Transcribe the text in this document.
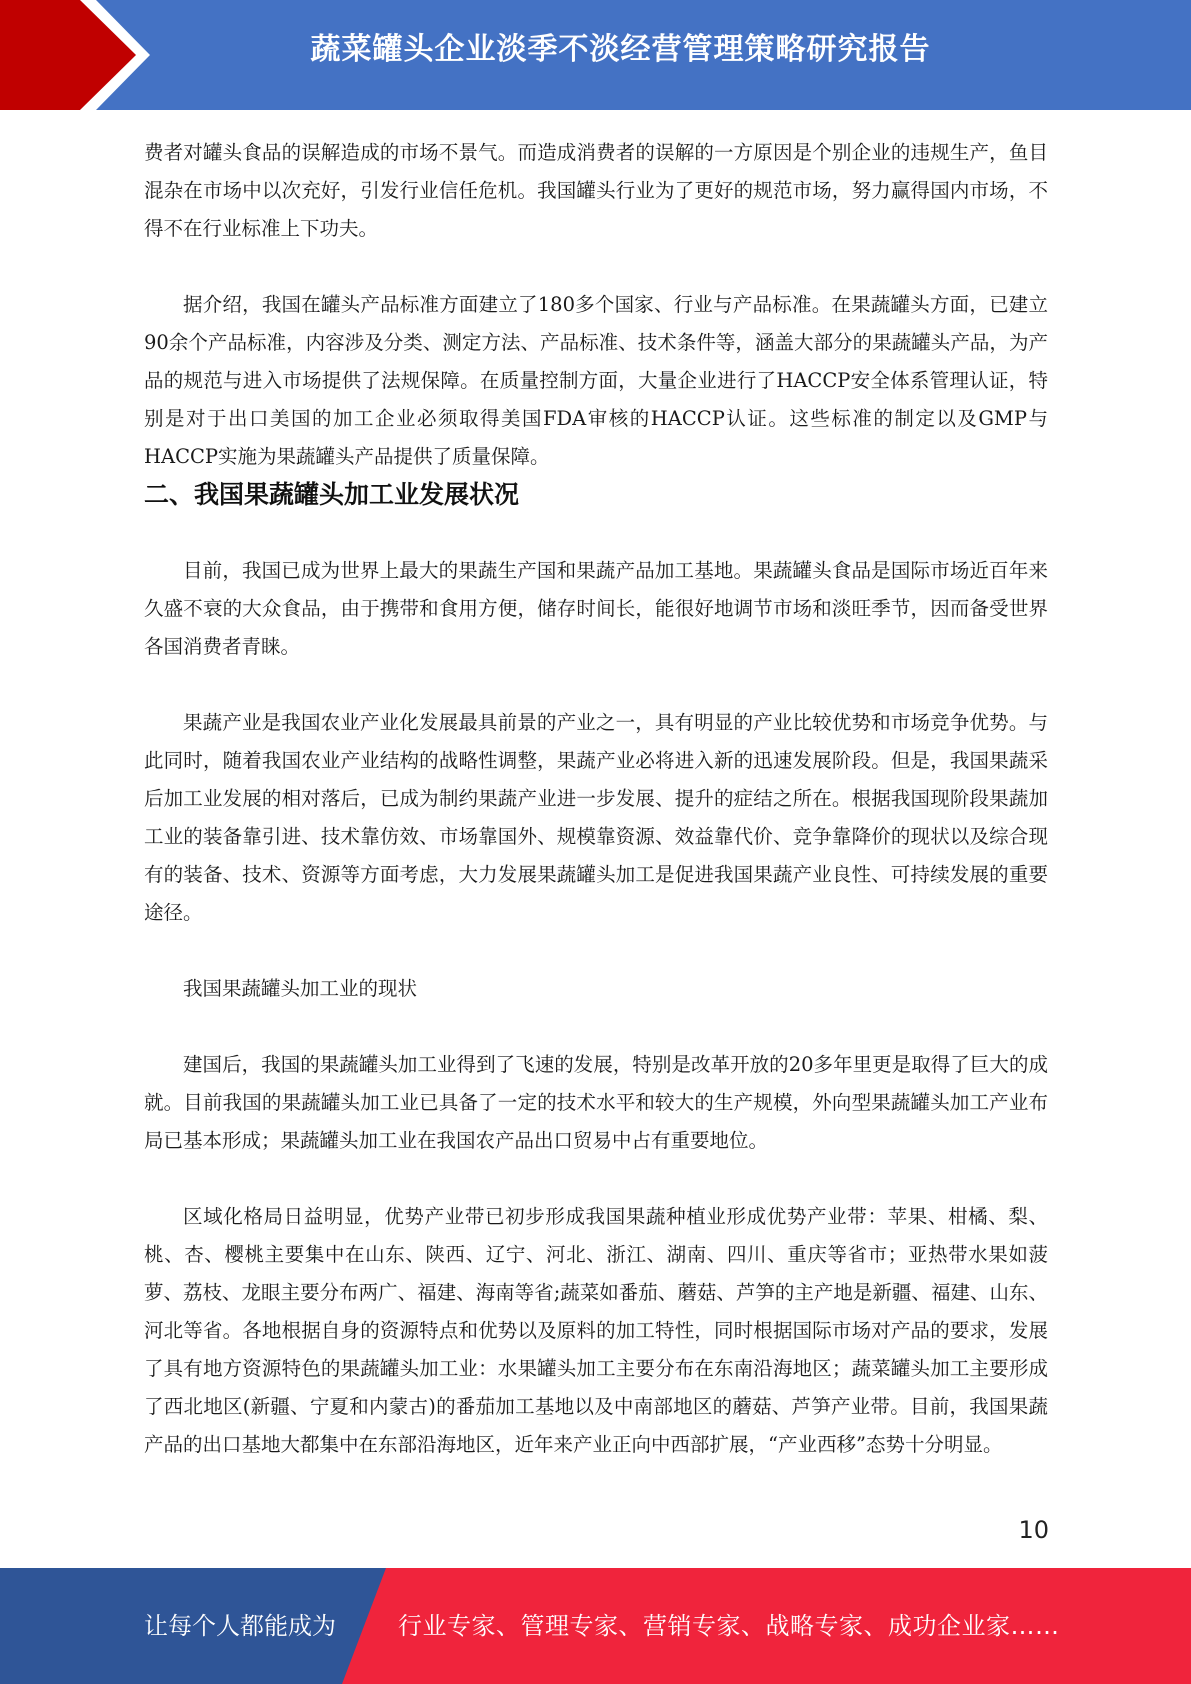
蔬菜罐头企业淡季不淡经营管理策略研究报告

费者对罐头食品的误解造成的市场不景气。而造成消费者的误解的一方原因是个别企业的违规生产，鱼目混杂在市场中以次充好，引发行业信任危机。我国罐头行业为了更好的规范市场，努力赢得国内市场，不得不在行业标准上下功夫。

据介绍，我国在罐头产品标准方面建立了180多个国家、行业与产品标准。在果蔬罐头方面，已建立90余个产品标准，内容涉及分类、测定方法、产品标准、技术条件等，涵盖大部分的果蔬罐头产品，为产品的规范与进入市场提供了法规保障。在质量控制方面，大量企业进行了HACCP安全体系管理认证，特别是对于出口美国的加工企业必须取得美国FDA审核的HACCP认证。这些标准的制定以及GMP与HACCP实施为果蔬罐头产品提供了质量保障。

二、我国果蔬罐头加工业发展状况

目前，我国已成为世界上最大的果蔬生产国和果蔬产品加工基地。果蔬罐头食品是国际市场近百年来久盛不衰的大众食品，由于携带和食用方便，储存时间长，能很好地调节市场和淡旺季节，因而备受世界各国消费者青睐。

果蔬产业是我国农业产业化发展最具前景的产业之一，具有明显的产业比较优势和市场竞争优势。与此同时，随着我国农业产业结构的战略性调整，果蔬产业必将进入新的迅速发展阶段。但是，我国果蔬采后加工业发展的相对落后，已成为制约果蔬产业进一步发展、提升的症结之所在。根据我国现阶段果蔬加工业的装备靠引进、技术靠仿效、市场靠国外、规模靠资源、效益靠代价、竞争靠降价的现状以及综合现有的装备、技术、资源等方面考虑，大力发展果蔬罐头加工是促进我国果蔬产业良性、可持续发展的重要途径。

我国果蔬罐头加工业的现状

建国后，我国的果蔬罐头加工业得到了飞速的发展，特别是改革开放的20多年里更是取得了巨大的成就。目前我国的果蔬罐头加工业已具备了一定的技术水平和较大的生产规模，外向型果蔬罐头加工产业布局已基本形成；果蔬罐头加工业在我国农产品出口贸易中占有重要地位。

区域化格局日益明显，优势产业带已初步形成我国果蔬种植业形成优势产业带：苹果、柑橘、梨、桃、杏、樱桃主要集中在山东、陕西、辽宁、河北、浙江、湖南、四川、重庆等省市；亚热带水果如菠萝、荔枝、龙眼主要分布两广、福建、海南等省;蔬菜如番茄、蘑菇、芦笋的主产地是新疆、福建、山东、河北等省。各地根据自身的资源特点和优势以及原料的加工特性，同时根据国际市场对产品的要求，发展了具有地方资源特色的果蔬罐头加工业：水果罐头加工主要分布在东南沿海地区；蔬菜罐头加工主要形成了西北地区(新疆、宁夏和内蒙古)的番茄加工基地以及中南部地区的蘑菇、芦笋产业带。目前，我国果蔬产品的出口基地大都集中在东部沿海地区，近年来产业正向中西部扩展，“产业西移”态势十分明显。

10
让每个人都能成为	行业专家、管理专家、营销专家、战略专家、成功企业家……
